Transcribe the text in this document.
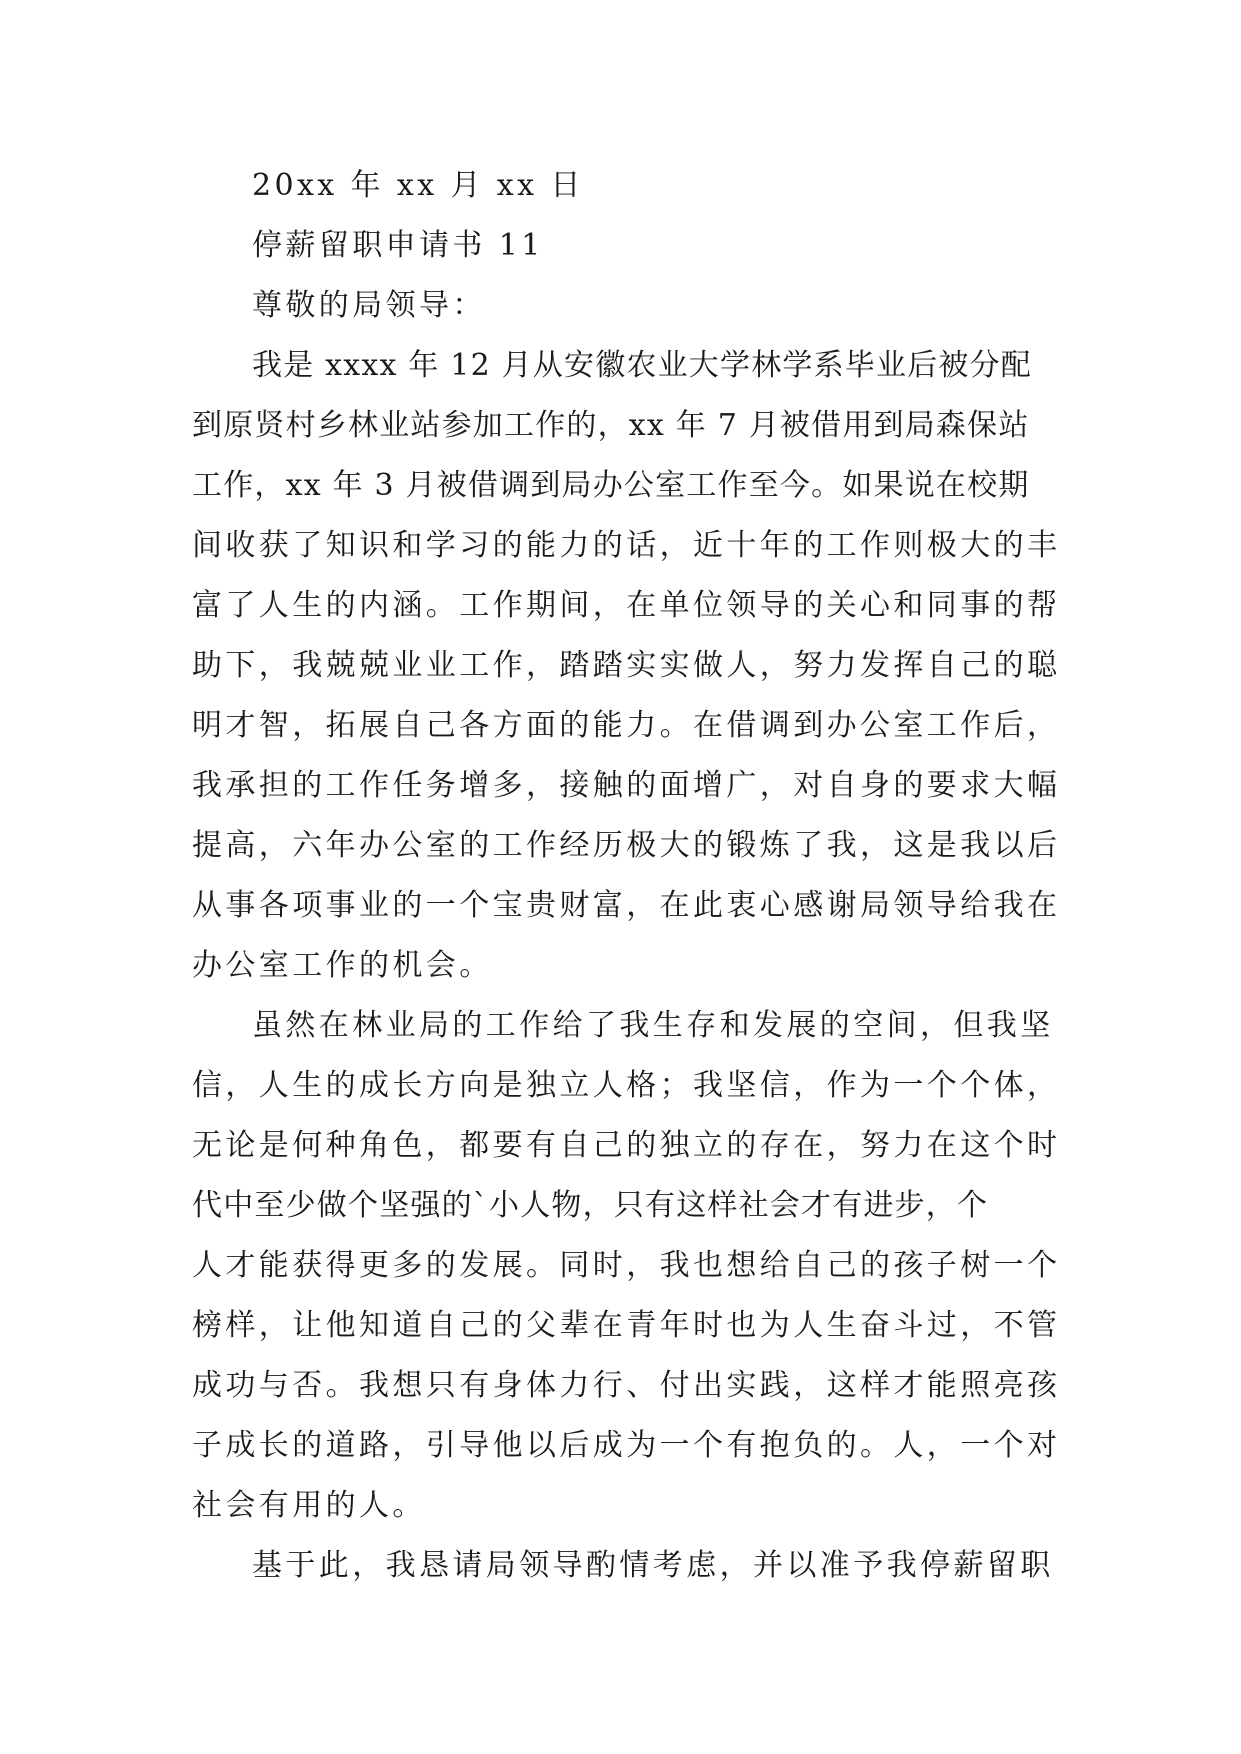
20xx 年 xx 月 xx 日
停薪留职申请书 11
尊敬的局领导：
我是 xxxx 年 12 月从安徽农业大学林学系毕业后被分配
到原贤村乡林业站参加工作的，xx 年 7 月被借用到局森保站
工作，xx 年 3 月被借调到局办公室工作至今。如果说在校期
间收获了知识和学习的能力的话，近十年的工作则极大的丰
富了人生的内涵。工作期间，在单位领导的关心和同事的帮
助下，我兢兢业业工作，踏踏实实做人，努力发挥自己的聪
明才智，拓展自己各方面的能力。在借调到办公室工作后，
我承担的工作任务增多，接触的面增广，对自身的要求大幅
提高，六年办公室的工作经历极大的锻炼了我，这是我以后
从事各项事业的一个宝贵财富，在此衷心感谢局领导给我在
办公室工作的机会。
虽然在林业局的工作给了我生存和发展的空间，但我坚
信，人生的成长方向是独立人格；我坚信，作为一个个体，
无论是何种角色，都要有自己的独立的存在，努力在这个时
代中至少做个坚强的`小人物，只有这样社会才有进步，个
人才能获得更多的发展。同时，我也想给自己的孩子树一个
榜样，让他知道自己的父辈在青年时也为人生奋斗过，不管
成功与否。我想只有身体力行、付出实践，这样才能照亮孩
子成长的道路，引导他以后成为一个有抱负的。人，一个对
社会有用的人。
基于此，我恳请局领导酌情考虑，并以准予我停薪留职
